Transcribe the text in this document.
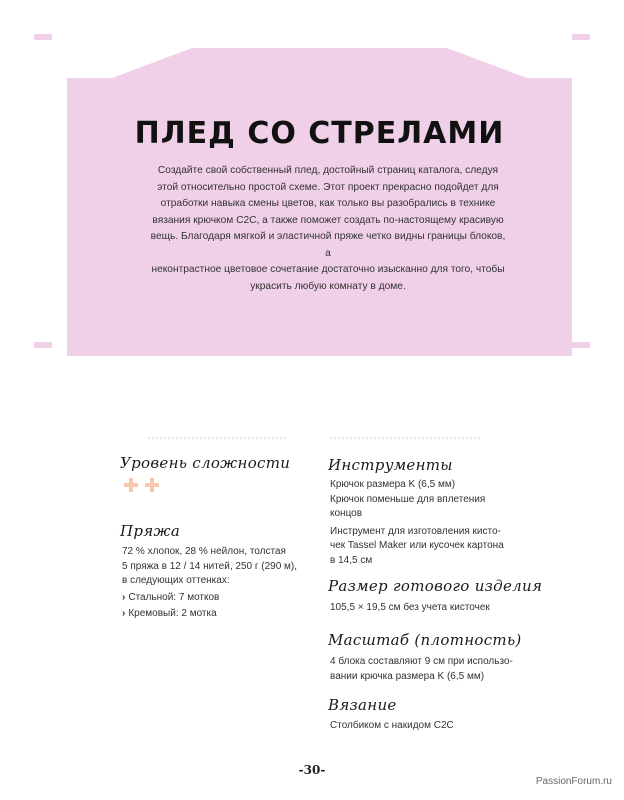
ПЛЕД СО СТРЕЛАМИ
Создайте свой собственный плед, достойный страниц каталога, следуя
этой относительно простой схеме. Этот проект прекрасно подойдет для
отработки навыка смены цветов, как только вы разобрались в технике
вязания крючком C2C, а также поможет создать по-настоящему красивую
вещь. Благодаря мягкой и эластичной пряже четко видны границы блоков, а
неконтрастное цветовое сочетание достаточно изысканно для того, чтобы
украсить любую комнату в доме.
Уровень сложности
Пряжа
72 % хлопок, 28 % нейлон, толстая
5 пряжа в 12 / 14 нитей, 250 г (290 м),
в следующих оттенках:
› Стальной: 7 мотков
› Кремовый: 2 мотка
Инструменты
Крючок размера K (6,5 мм)
Крючок поменьше для вплетения
концов
Инструмент для изготовления кисто-
чек Tassel Maker или кусочек картона
в 14,5 см
Размер готового изделия
105,5 × 19,5 см без учета кисточек
Масштаб (плотность)
4 блока составляют 9 см при использо-
вании крючка размера K (6,5 мм)
Вязание
Столбиком с накидом C2C
-30-
PassionForum.ru
